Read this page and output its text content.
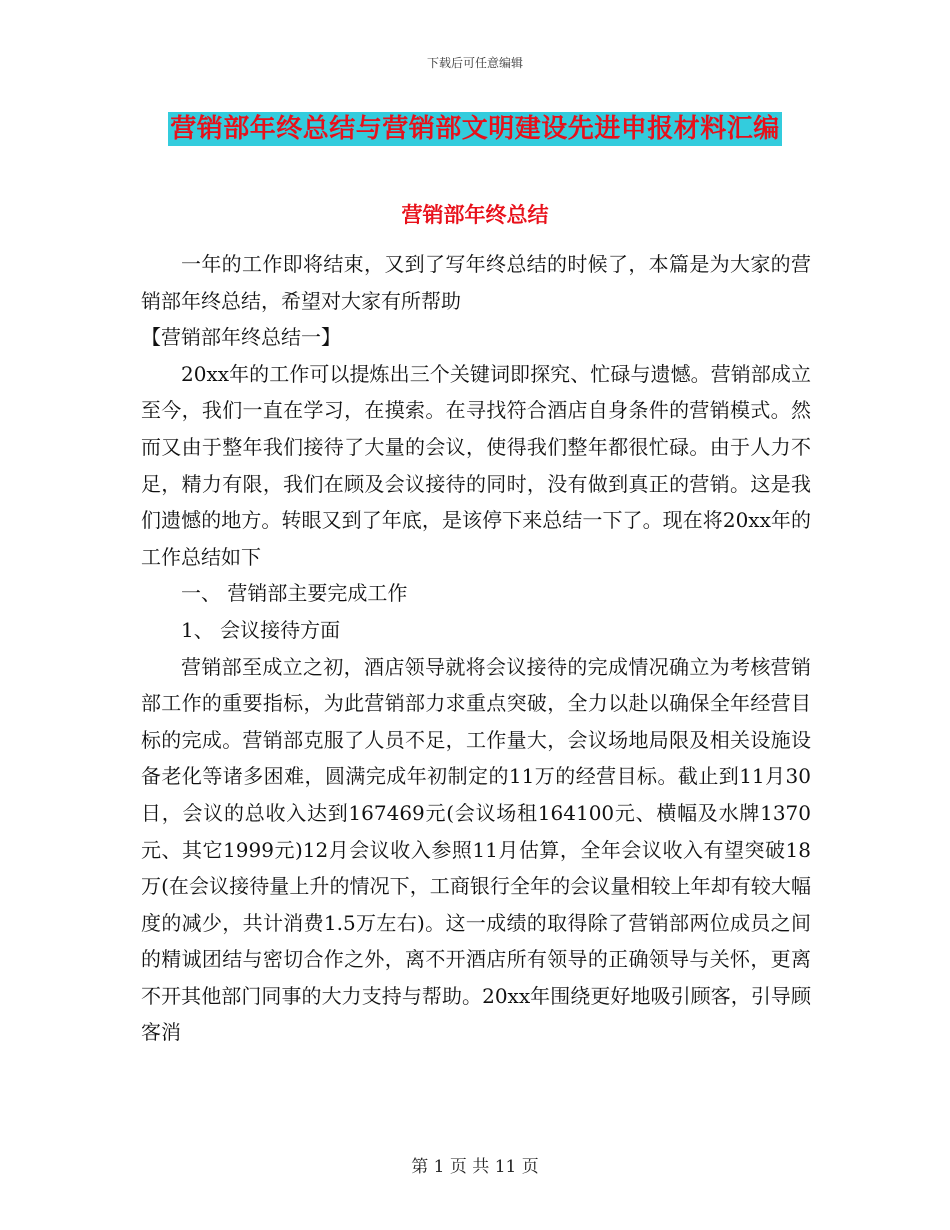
下载后可任意编辑
营销部年终总结与营销部文明建设先进申报材料汇编
营销部年终总结

一年的工作即将结束，又到了写年终总结的时候了，本篇是为大家的营销部年终总结，希望对大家有所帮助

【营销部年终总结一】

20xx年的工作可以提炼出三个关键词即探究、忙碌与遗憾。营销部成立至今，我们一直在学习，在摸索。在寻找符合酒店自身条件的营销模式。然而又由于整年我们接待了大量的会议，使得我们整年都很忙碌。由于人力不足，精力有限，我们在顾及会议接待的同时，没有做到真正的营销。这是我们遗憾的地方。转眼又到了年底，是该停下来总结一下了。现在将20xx年的工作总结如下

一、 营销部主要完成工作

1、 会议接待方面

营销部至成立之初，酒店领导就将会议接待的完成情况确立为考核营销部工作的重要指标，为此营销部力求重点突破，全力以赴以确保全年经营目标的完成。营销部克服了人员不足，工作量大，会议场地局限及相关设施设备老化等诸多困难，圆满完成年初制定的11万的经营目标。截止到11月30日，会议的总收入达到167469元(会议场租164100元、横幅及水牌1370元、其它1999元)12月会议收入参照11月估算，全年会议收入有望突破18万(在会议接待量上升的情况下，工商银行全年的会议量相较上年却有较大幅度的减少，共计消费1.5万左右)。这一成绩的取得除了营销部两位成员之间的精诚团结与密切合作之外，离不开酒店所有领导的正确领导与关怀，更离不开其他部门同事的大力支持与帮助。20xx年围绕更好地吸引顾客，引导顾客消

第 1 页 共 11 页
